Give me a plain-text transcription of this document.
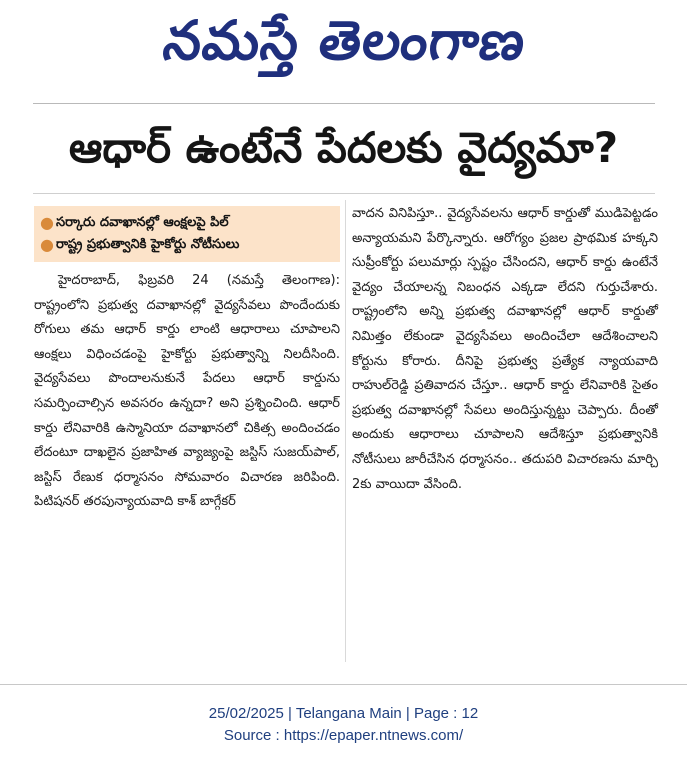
నమస్తే తెలంగాణ
ఆధార్ ఉంటేనే పేదలకు వైద్యమా?
● సర్కారు దవాఖానల్లో ఆంక్షలపై పిల్
● రాష్ట్ర ప్రభుత్వానికి హైకోర్టు నోటీసులు

హైదరాబాద్, ఫిబ్రవరి 24 (నమస్తే తెలంగాణ): రాష్ట్రంలోని ప్రభుత్వ దవాఖానల్లో వైద్యసేవలు పొందేందుకు రోగులు తమ ఆధార్ కార్డు లాంటి ఆధారాలు చూపాలని ఆంక్షలు విధించడంపై హైకోర్టు ప్రభుత్వాన్ని నిలదీసింది. వైద్యసేవలు పొందాలనుకునే పేదలు ఆధార్ కార్డును సమర్పించాల్సిన అవసరం ఉన్నదా? అని ప్రశ్నించింది. ఆధార్ కార్డు లేనివారికి ఉస్మానియా దవాఖానలో చికిత్స అందించడం లేదంటూ దాఖలైన ప్రజాహిత వ్యాజ్యంపై జస్టిస్ సుజయ్‌పాల్, జస్టిస్ రేణుక ధర్మాసనం సోమవారం విచారణ జరిపింది. పిటిషనర్ తరపున్యాయవాది కాశ్ బాగ్గేకర్

వాదన వినిపిస్తూ.. వైద్యసేవలను ఆధార్ కార్డుతో ముడిపెట్టడం అన్యాయమని పేర్కొన్నారు. ఆరోగ్యం ప్రజల ప్రాథమిక హక్కని సుప్రీంకోర్టు పలుమార్లు స్పష్టం చేసిందని, ఆధార్ కార్డు ఉంటేనే వైద్యం చేయాలన్న నిబంధన ఎక్కడా లేదని గుర్తుచేశారు. రాష్ట్రంలోని అన్ని ప్రభుత్వ దవాఖానల్లో ఆధార్ కార్డుతో నిమిత్తం లేకుండా వైద్యసేవలు అందించేలా ఆదేశించాలని కోర్టును కోరారు. దీనిపై ప్రభుత్వ ప్రత్యేక న్యాయవాది రాహుల్‌రెడ్డి ప్రతివాదన చేస్తూ.. ఆధార్ కార్డు లేనివారికి సైతం ప్రభుత్వ దవాఖానల్లో సేవలు అందిస్తున్నట్టు చెప్పారు. దీంతో అందుకు ఆధారాలు చూపాలని ఆదేశిస్తూ ప్రభుత్వానికి నోటీసులు జారీచేసిన ధర్మాసనం.. తదుపరి విచారణను మార్చి 2కు వాయిదా వేసింది.

25/02/2025 | Telangana Main | Page : 12
Source : https://epaper.ntnews.com/
